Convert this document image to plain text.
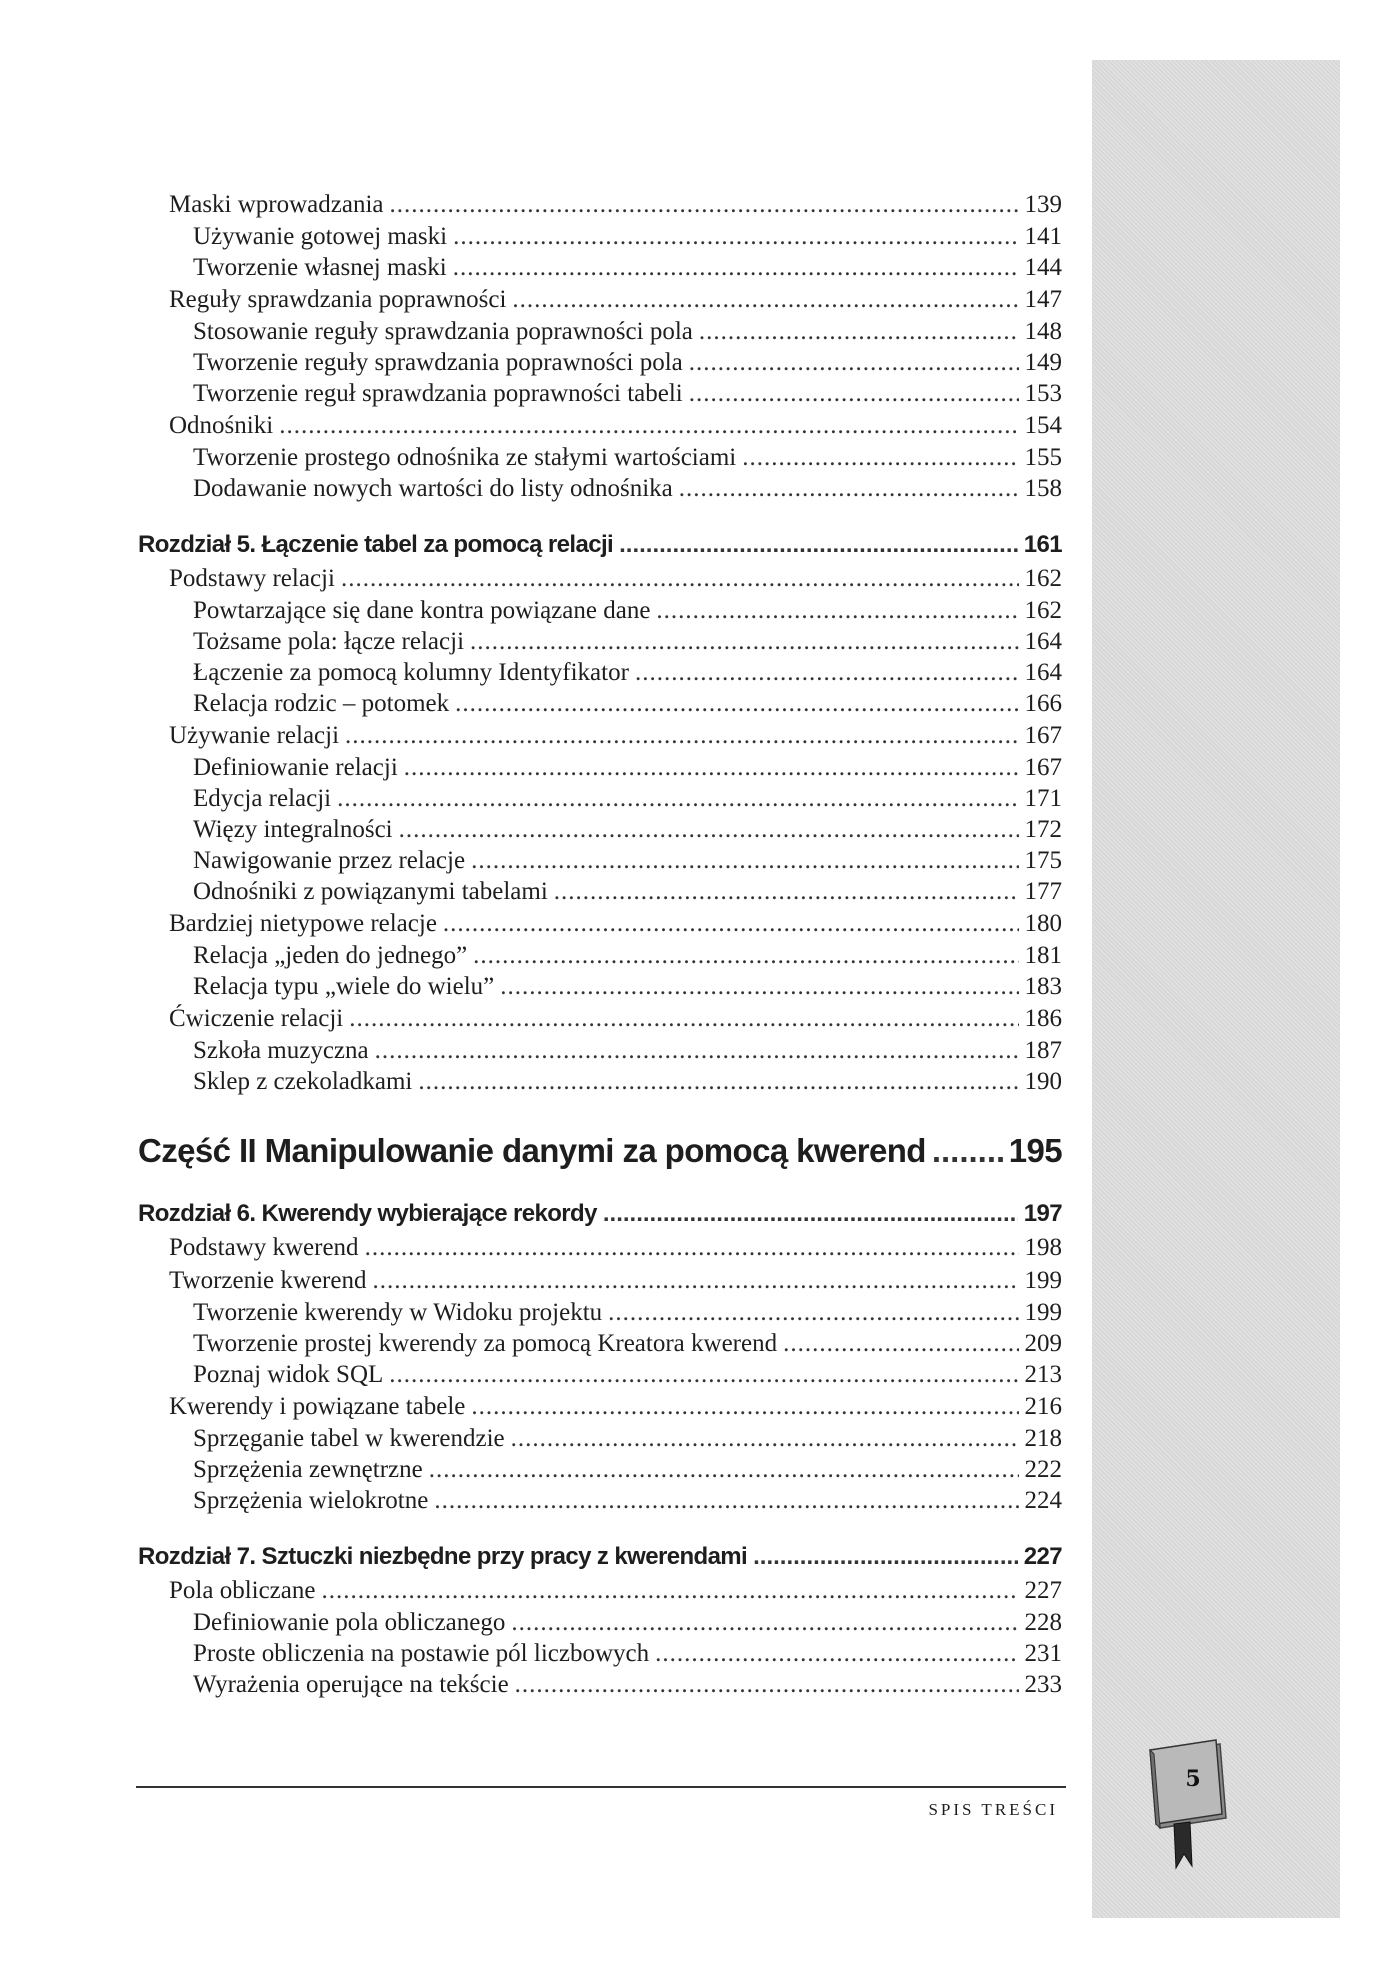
Maski wprowadzania .....	139
Używanie gotowej maski .....	141
Tworzenie własnej maski .....	144
Reguły sprawdzania poprawności .....	147
Stosowanie reguły sprawdzania poprawności pola .....	148
Tworzenie reguły sprawdzania poprawności pola .....	149
Tworzenie reguł sprawdzania poprawności tabeli .....	153
Odnośniki .....	154
Tworzenie prostego odnośnika ze stałymi wartościami .....	155
Dodawanie nowych wartości do listy odnośnika .....	158
Rozdział 5. Łączenie tabel za pomocą relacji .....	161
Podstawy relacji .....	162
Powtarzające się dane kontra powiązane dane .....	162
Tożsame pola: łącze relacji .....	164
Łączenie za pomocą kolumny Identyfikator .....	164
Relacja rodzic – potomek .....	166
Używanie relacji .....	167
Definiowanie relacji .....	167
Edycja relacji .....	171
Więzy integralności .....	172
Nawigowanie przez relacje .....	175
Odnośniki z powiązanymi tabelami .....	177
Bardziej nietypowe relacje .....	180
Relacja „jeden do jednego” .....	181
Relacja typu „wiele do wielu” .....	183
Ćwiczenie relacji .....	186
Szkoła muzyczna .....	187
Sklep z czekoladkami .....	190
Część II Manipulowanie danymi za pomocą kwerend .....	195
Rozdział 6. Kwerendy wybierające rekordy .....	197
Podstawy kwerend .....	198
Tworzenie kwerend .....	199
Tworzenie kwerendy w Widoku projektu .....	199
Tworzenie prostej kwerendy za pomocą Kreatora kwerend .....	209
Poznaj widok SQL .....	213
Kwerendy i powiązane tabele .....	216
Sprzęganie tabel w kwerendzie .....	218
Sprzężenia zewnętrzne .....	222
Sprzężenia wielokrotne .....	224
Rozdział 7. Sztuczki niezbędne przy pracy z kwerendami .....	227
Pola obliczane .....	227
Definiowanie pola obliczanego .....	228
Proste obliczenia na postawie pól liczbowych .....	231
Wyrażenia operujące na tekście .....	233
SPIS TREŚCI
5
